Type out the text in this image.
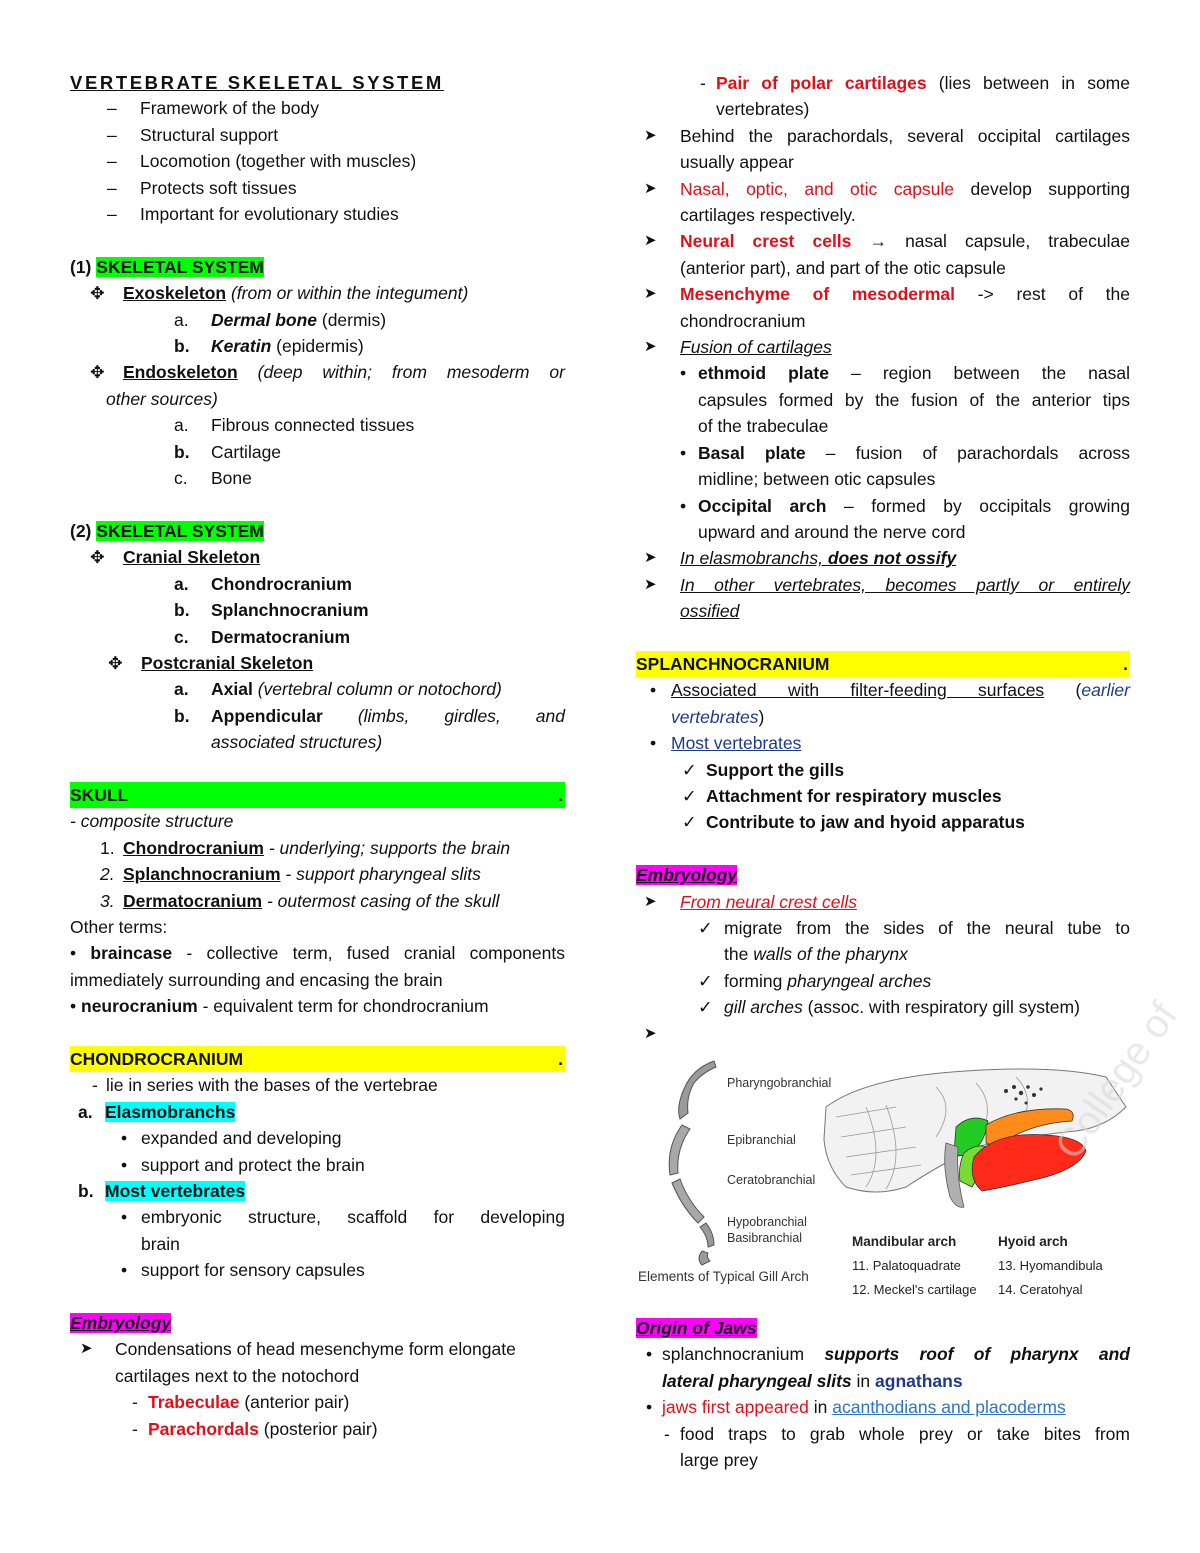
VERTEBRATE SKELETAL SYSTEM
– Framework of the body
– Structural support
– Locomotion (together with muscles)
– Protects soft tissues
– Important for evolutionary studies
(1) SKELETAL SYSTEM
✥ Exoskeleton (from or within the integument)
a. Dermal bone (dermis)
b. Keratin (epidermis)
✥ Endoskeleton (deep within; from mesoderm or
other sources)
a. Fibrous connected tissues
b. Cartilage
c. Bone
(2) SKELETAL SYSTEM
✥ Cranial Skeleton
a. Chondrocranium
b. Splanchnocranium
c. Dermatocranium
✥ Postcranial Skeleton
a. Axial (vertebral column or notochord)
b. Appendicular (limbs, girdles, and
associated structures)
SKULL	.
- composite structure
1. Chondrocranium - underlying; supports the brain
2. Splanchnocranium - support pharyngeal slits
3. Dermatocranium - outermost casing of the skull
Other terms:
• braincase - collective term, fused cranial components
immediately surrounding and encasing the brain
• neurocranium - equivalent term for chondrocranium
CHONDROCRANIUM	.
- lie in series with the bases of the vertebrae
a. Elasmobranchs
• expanded and developing
• support and protect the brain
b. Most vertebrates
• embryonic structure, scaffold for developing
brain
• support for sensory capsules
Embryology
➤ Condensations of head mesenchyme form elongate
cartilages next to the notochord
- Trabeculae (anterior pair)
- Parachordals (posterior pair)
- Pair of polar cartilages (lies between in some
vertebrates)
➤ Behind the parachordals, several occipital cartilages
usually appear
➤ Nasal, optic, and otic capsule develop supporting
cartilages respectively.
➤ Neural crest cells → nasal capsule, trabeculae
(anterior part), and part of the otic capsule
➤ Mesenchyme of mesodermal -> rest of the
chondrocranium
➤ Fusion of cartilages
• ethmoid plate – region between the nasal
capsules formed by the fusion of the anterior tips
of the trabeculae
• Basal plate – fusion of parachordals across
midline; between otic capsules
• Occipital arch – formed by occipitals growing
upward and around the nerve cord
➤ In elasmobranchs, does not ossify
➤ In other vertebrates, becomes partly or entirely
ossified
SPLANCHNOCRANIUM	.
• Associated with filter-feeding surfaces (earlier
vertebrates)
• Most vertebrates
✓ Support the gills
✓ Attachment for respiratory muscles
✓ Contribute to jaw and hyoid apparatus
Embryology
➤ From neural crest cells
✓ migrate from the sides of the neural tube to
the walls of the pharynx
✓ forming pharyngeal arches
✓ gill arches (assoc. with respiratory gill system)
➤	College of
Pharyngobranchial
Epibranchial
Ceratobranchial
Hypobranchial
Basibranchial
Elements of Typical Gill Arch
Mandibular arch
11. Palatoquadrate
12. Meckel's cartilage
Hyoid arch
13. Hyomandibula
14. Ceratohyal
Origin of Jaws
• splanchnocranium supports roof of pharynx and
lateral pharyngeal slits in agnathans
• jaws first appeared in acanthodians and placoderms
- food traps to grab whole prey or take bites from
large prey
